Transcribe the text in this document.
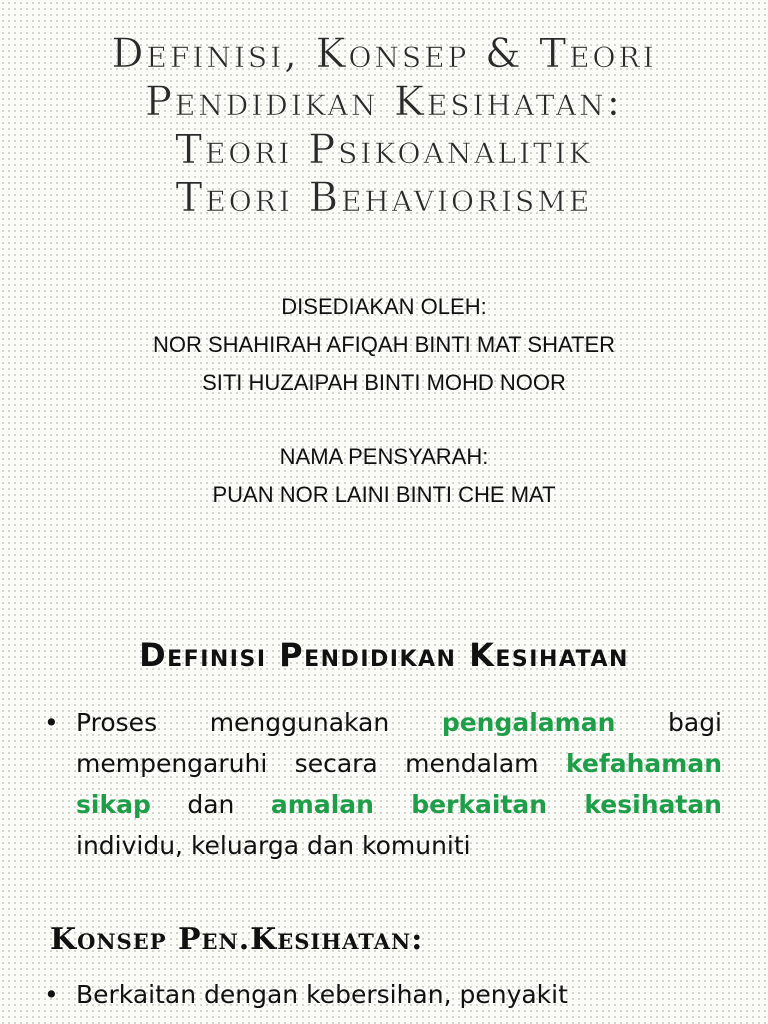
Definisi, Konsep & Teori
Pendidikan Kesihatan:
Teori Psikoanalitik
Teori Behaviorisme
DISEDIAKAN OLEH:
NOR SHAHIRAH AFIQAH BINTI MAT SHATER
SITI HUZAIPAH BINTI MOHD NOOR
NAMA PENSYARAH:
PUAN NOR LAINI BINTI CHE MAT
Definisi Pendidikan Kesihatan

• Proses menggunakan pengalaman bagi mempengaruhi secara mendalam kefahaman sikap dan amalan berkaitan kesihatan individu, keluarga dan komuniti

Konsep Pen.Kesihatan:

• Berkaitan dengan kebersihan, penyakit
